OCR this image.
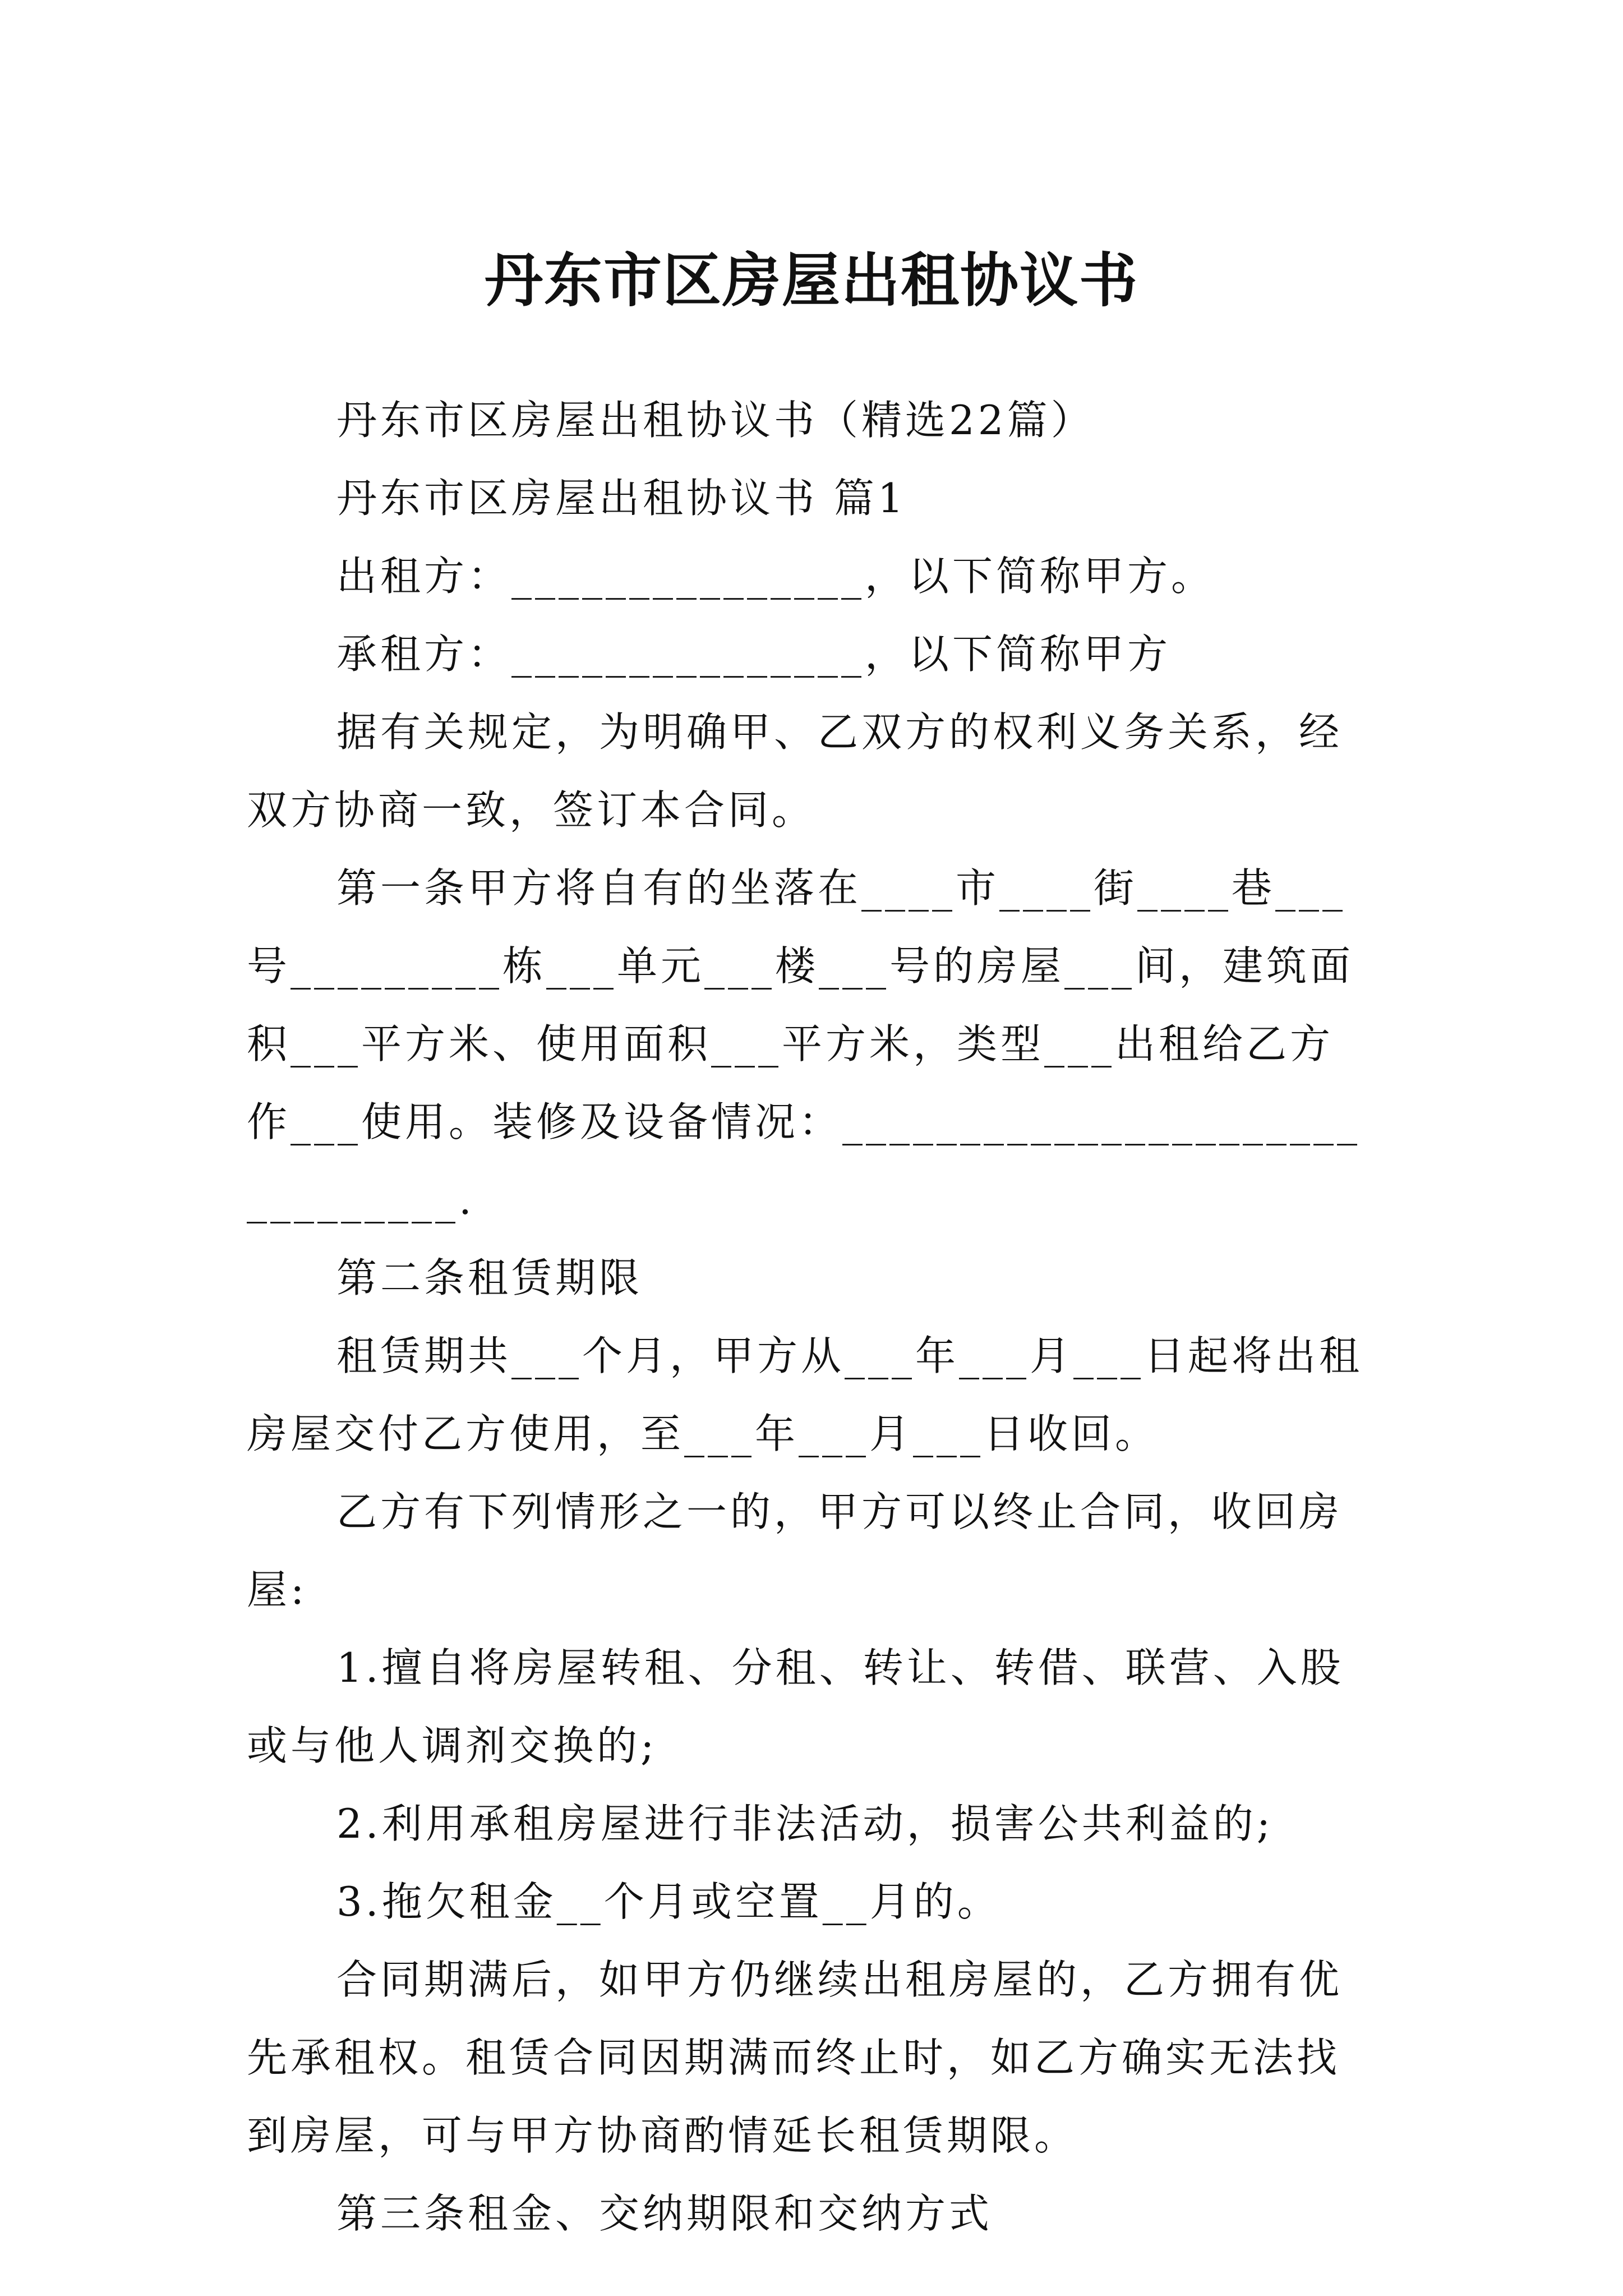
丹东市区房屋出租协议书

丹东市区房屋出租协议书（精选22篇）

丹东市区房屋出租协议书 篇1

出租方：_______________，以下简称甲方。

承租方：_______________，以下简称甲方

据有关规定，为明确甲、乙双方的权利义务关系，经双方协商一致，签订本合同。

第一条甲方将自有的坐落在____市____街____巷___号_________栋___单元___楼___号的房屋___间，建筑面积___平方米、使用面积___平方米，类型___出租给乙方作___使用。装修及设备情况：_______________________________.

第二条租赁期限

租赁期共___个月，甲方从___年___月___日起将出租房屋交付乙方使用，至___年___月___日收回。

乙方有下列情形之一的，甲方可以终止合同，收回房屋:

1.擅自将房屋转租、分租、转让、转借、联营、入股或与他人调剂交换的;

2.利用承租房屋进行非法活动，损害公共利益的;

3.拖欠租金__个月或空置__月的。

合同期满后，如甲方仍继续出租房屋的，乙方拥有优先承租权。租赁合同因期满而终止时，如乙方确实无法找到房屋，可与甲方协商酌情延长租赁期限。

第三条租金、交纳期限和交纳方式
